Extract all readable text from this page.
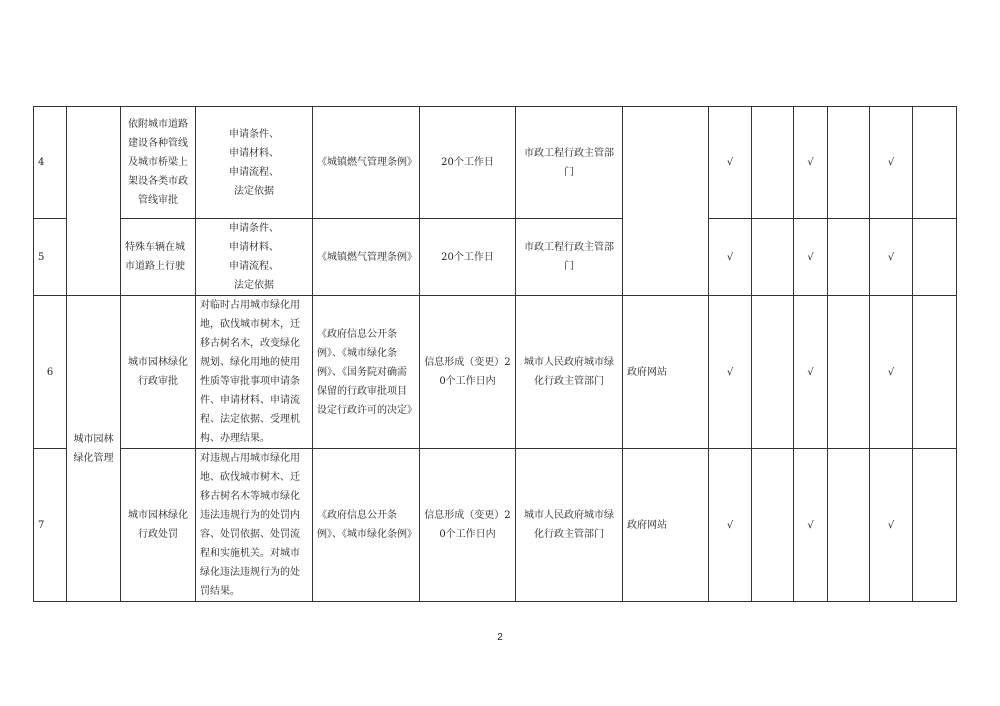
4		依附城市道路建设各种管线及城市桥梁上架设各类市政管线审批	申请条件、
申请材料、
申请流程、
法定依据	《城镇燃气管理条例》	20个工作日	市政工程行政主管部门		√		√		√	
5		特殊车辆在城市道路上行驶	申请条件、
申请材料、
申请流程、
法定依据	《城镇燃气管理条例》	20个工作日	市政工程行政主管部门		√		√		√	
6	城市园林绿化管理	城市园林绿化行政审批	对临时占用城市绿化用地，砍伐城市树木，迁移古树名木，改变绿化规划、绿化用地的使用性质等审批事项申请条件、申请材料、申请流程、法定依据、受理机构、办理结果。	《政府信息公开条例》、《城市绿化条例》、《国务院对确需保留的行政审批项目设定行政许可的决定》	信息形成（变更）20个工作日内	城市人民政府城市绿化行政主管部门	政府网站	√		√		√	
7		城市园林绿化行政处罚	对违规占用城市绿化用地、砍伐城市树木、迁移古树名木等城市绿化违法违规行为的处罚内容、处罚依据、处罚流程和实施机关。对城市绿化违法违规行为的处罚结果。	《政府信息公开条例》、《城市绿化条例》	信息形成（变更）20个工作日内	城市人民政府城市绿化行政主管部门	政府网站	√		√		√	
2
